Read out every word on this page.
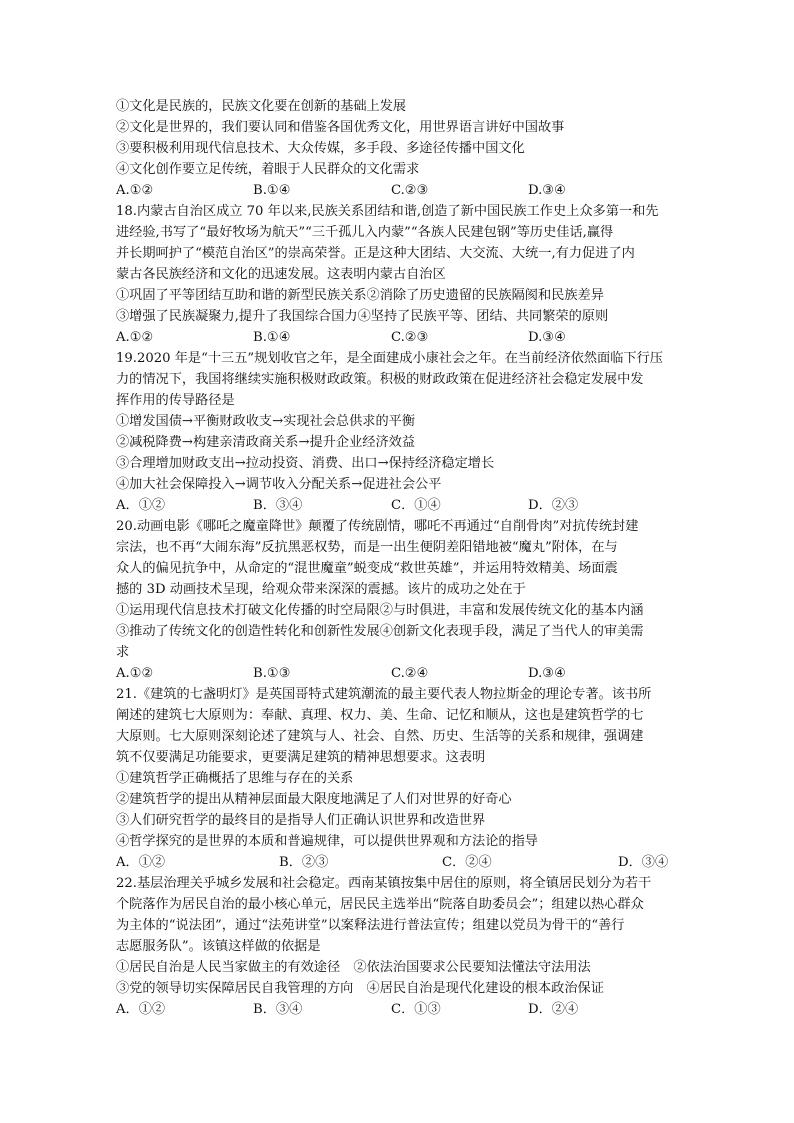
①文化是民族的，民族文化要在创新的基础上发展
②文化是世界的，我们要认同和借鉴各国优秀文化，用世界语言讲好中国故事
③要积极利用现代信息技术、大众传媒，多手段、多途径传播中国文化
④文化创作要立足传统，着眼于人民群众的文化需求
A.①②	B.①④	C.②③	D.③④
18.内蒙古自治区成立 70 年以来,民族关系团结和谐,创造了新中国民族工作史上众多第一和先
进经验,书写了“最好牧场为航天”“三千孤儿入内蒙”“各族人民建包钢”等历史佳话,赢得
并长期呵护了“模范自治区”的崇高荣誉。正是这种大团结、大交流、大统一,有力促进了内
蒙古各民族经济和文化的迅速发展。这表明内蒙古自治区
①巩固了平等团结互助和谐的新型民族关系②消除了历史遗留的民族隔阂和民族差异
③增强了民族凝聚力,提升了我国综合国力④坚持了民族平等、团结、共同繁荣的原则
A.①②	B.①④	C.②③	D.③④
19.2020 年是“十三五”规划收官之年，是全面建成小康社会之年。在当前经济依然面临下行压
力的情况下，我国将继续实施积极财政政策。积极的财政政策在促进经济社会稳定发展中发
挥作用的传导路径是
①增发国债→平衡财政收支→实现社会总供求的平衡
②减税降费→构建亲清政商关系→提升企业经济效益
③合理增加财政支出→拉动投资、消费、出口→保持经济稳定增长
④加大社会保障投入→调节收入分配关系→促进社会公平
A．①②	B．③④	C．①④	D．②③
20.动画电影《哪吒之魔童降世》颠覆了传统剧情，哪吒不再通过“自削骨肉”对抗传统封建
宗法，也不再“大闹东海”反抗黑恶权势，而是一出生便阴差阳错地被“魔丸”附体，在与
众人的偏见抗争中，从命定的“混世魔童”蜕变成“救世英雄”，并运用特效精美、场面震
撼的 3D 动画技术呈现，给观众带来深深的震撼。该片的成功之处在于
①运用现代信息技术打破文化传播的时空局限②与时俱进，丰富和发展传统文化的基本内涵
③推动了传统文化的创造性转化和创新性发展④创新文化表现手段，满足了当代人的审美需
求
A.①②	B.①③	C.②④	D.③④
21.《建筑的七盏明灯》是英国哥特式建筑潮流的最主要代表人物拉斯金的理论专著。该书所
阐述的建筑七大原则为：奉献、真理、权力、美、生命、记忆和顺从，这也是建筑哲学的七
大原则。七大原则深刻论述了建筑与人、社会、自然、历史、生活等的关系和规律，强调建
筑不仅要满足功能要求，更要满足建筑的精神思想要求。这表明
①建筑哲学正确概括了思维与存在的关系
②建筑哲学的提出从精神层面最大限度地满足了人们对世界的好奇心
③人们研究哲学的最终目的是指导人们正确认识世界和改造世界
④哲学探究的是世界的本质和普遍规律，可以提供世界观和方法论的指导
A．①②	B．②③	C．②④	D．③④
22.基层治理关乎城乡发展和社会稳定。西南某镇按集中居住的原则，将全镇居民划分为若干
个院落作为居民自治的最小核心单元，居民民主选举出“院落自助委员会”；组建以热心群众
为主体的“说法团”，通过“法苑讲堂”以案释法进行普法宣传；组建以党员为骨干的“善行
志愿服务队”。该镇这样做的依据是
①居民自治是人民当家做主的有效途径　②依法治国要求公民要知法懂法守法用法
③党的领导切实保障居民自我管理的方向　④居民自治是现代化建设的根本政治保证
A．①②	B．③④	C．①③	D．②④
